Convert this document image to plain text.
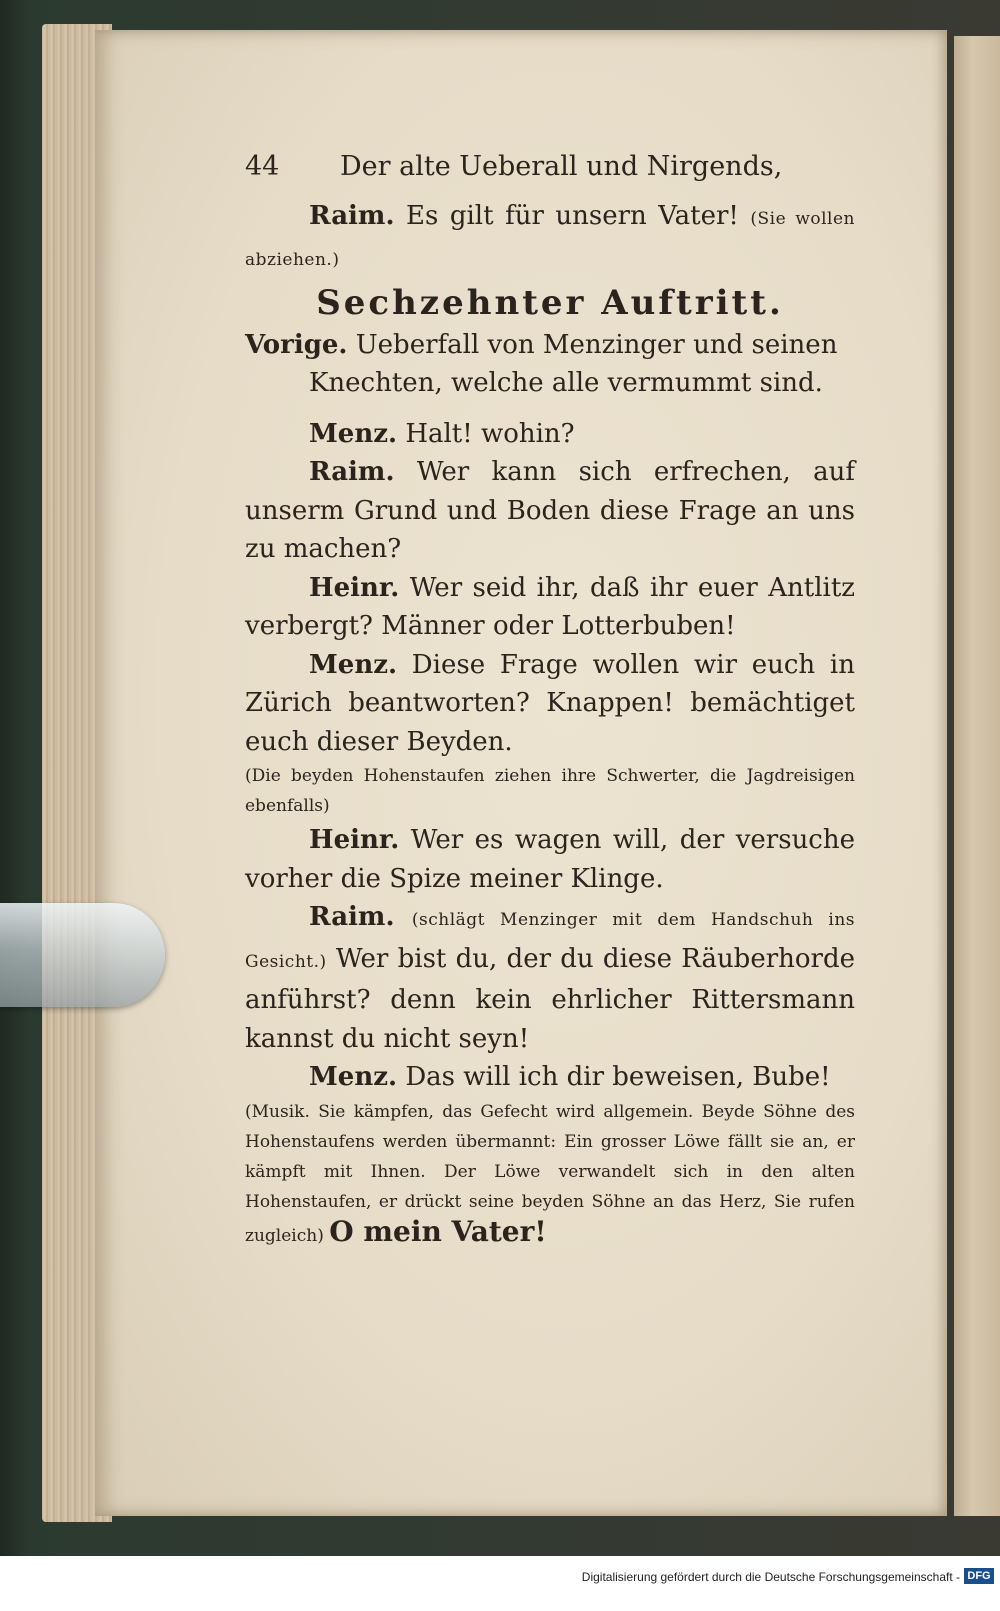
44	Der alte Ueberall und Nirgends,

Raim. Es gilt für unsern Vater! (Sie wollen abziehen.)

Sechzehnter Auftritt.

Vorige. Ueberfall von Menzinger und seinen Knechten, welche alle vermummt sind.

Menz. Halt! wohin?

Raim. Wer kann sich erfrechen, auf unserm Grund und Boden diese Frage an uns zu machen?

Heinr. Wer seid ihr, daß ihr euer Antlitz verbergt? Männer oder Lotterbuben!

Menz. Diese Frage wollen wir euch in Zürich beantworten? Knappen! bemächtiget euch dieser Beyden.

(Die beyden Hohenstaufen ziehen ihre Schwerter, die Jagdreisigen ebenfalls)

Heinr. Wer es wagen will, der versuche vorher die Spize meiner Klinge.

Raim. (schlägt Menzinger mit dem Handschuh ins Gesicht.) Wer bist du, der du diese Räuberhorde anführst? denn kein ehrlicher Rittersmann kannst du nicht seyn!

Menz. Das will ich dir beweisen, Bube!

(Musik. Sie kämpfen, das Gefecht wird allgemein. Beyde Söhne des Hohenstaufens werden übermannt: Ein grosser Löwe fällt sie an, er kämpft mit Ihnen. Der Löwe verwandelt sich in den alten Hohenstaufen, er drückt seine beyden Söhne an das Herz, Sie rufen zugleich) O mein Vater!

Digitalisierung gefördert durch die Deutsche Forschungsgemeinschaft - DFG
